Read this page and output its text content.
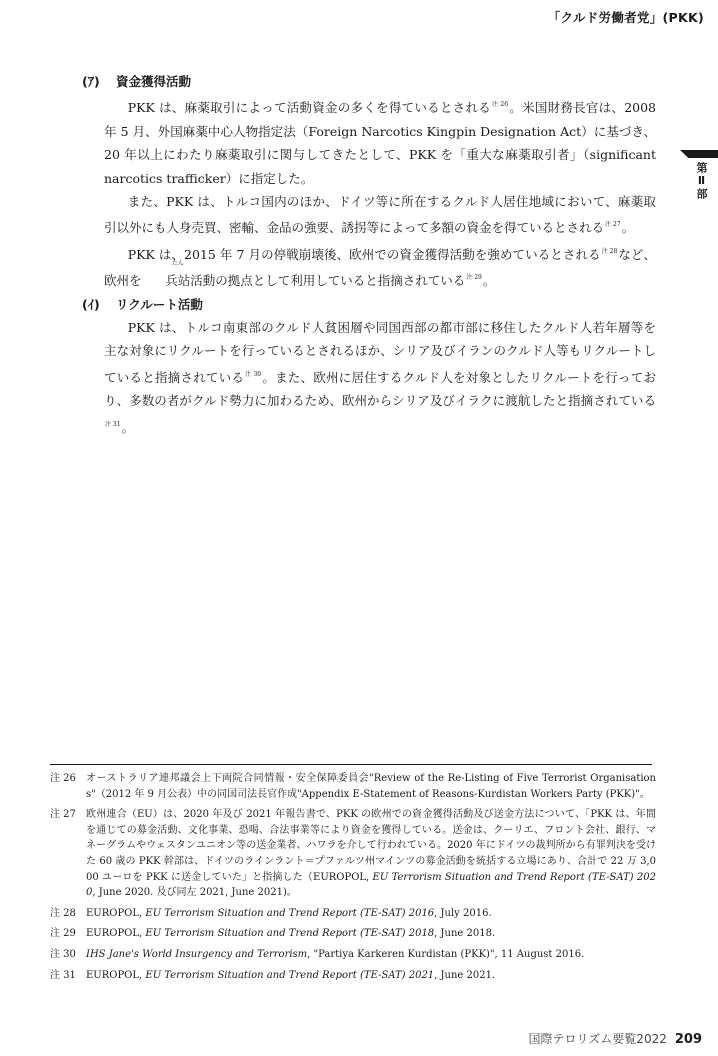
「クルド労働者党」(PKK)
第Ⅱ部
(ｱ) 資金獲得活動

PKK は、麻薬取引によって活動資金の多くを得ているとされる$^{注 26}$。米国財務長官は、2008 年 5 月、外国麻薬中心人物指定法（Foreign Narcotics Kingpin Designation Act）に基づき、20 年以上にわたり麻薬取引に関与してきたとして、PKK を「重大な麻薬取引者」（significant narcotics trafficker）に指定した。

また、PKK は、トルコ国内のほか、ドイツ等に所在するクルド人居住地域において、麻薬取引以外にも人身売買、密輸、金品の強要、誘拐等によって多額の資金を得ているとされる$^{注 27}$。

PKK は、2015 年 7 月の停戦崩壊後、欧州での資金獲得活動を強めているとされる$^{注 28}$など、欧州を
たん
兵站活動の拠点として利用していると指摘されている$^{注 29}$。

(ｲ) リクルート活動

PKK は、トルコ南東部のクルド人貧困層や同国西部の都市部に移住したクルド人若年層等を主な対象にリクルートを行っているとされるほか、シリア及びイランのクルド人等もリクルートしていると指摘されている$^{注 30}$。また、欧州に居住するクルド人を対象としたリクルートを行っており、多数の者がクルド勢力に加わるため、欧州からシリア及びイラクに渡航したと指摘されている$^{注 31}$。

注 26	オーストラリア連邦議会上下両院合同情報・安全保障委員会"Review of the Re-Listing of Five Terrorist Organisations"（2012 年 9 月公表）中の同国司法長官作成"Appendix E-Statement of Reasons-Kurdistan Workers Party (PKK)"。
注 27	欧州連合（EU）は、2020 年及び 2021 年報告書で、PKK の欧州での資金獲得活動及び送金方法について、「PKK は、年間を通じての募金活動、文化事業、恐喝、合法事業等により資金を獲得している。送金は、クーリエ、フロント会社、銀行、マネーグラムやウェスタンユニオン等の送金業者、ハワラを介して行われている。2020 年にドイツの裁判所から有罪判決を受けた 60 歳の PKK 幹部は、ドイツのラインラント＝プファルツ州マインツの募金活動を統括する立場にあり、合計で 22 万 3,000 ユーロを PKK に送金していた」と指摘した（EUROPOL, EU Terrorism Situation and Trend Report (TE-SAT) 2020, June 2020. 及び同左 2021, June 2021)。
注 28	EUROPOL, EU Terrorism Situation and Trend Report (TE-SAT) 2016, July 2016.
注 29	EUROPOL, EU Terrorism Situation and Trend Report (TE-SAT) 2018, June 2018.
注 30	IHS Jane's World Insurgency and Terrorism, "Partiya Karkeren Kurdistan (PKK)", 11 August 2016.
注 31	EUROPOL, EU Terrorism Situation and Trend Report (TE-SAT) 2021, June 2021.
国際テロリズム要覧2022 209
